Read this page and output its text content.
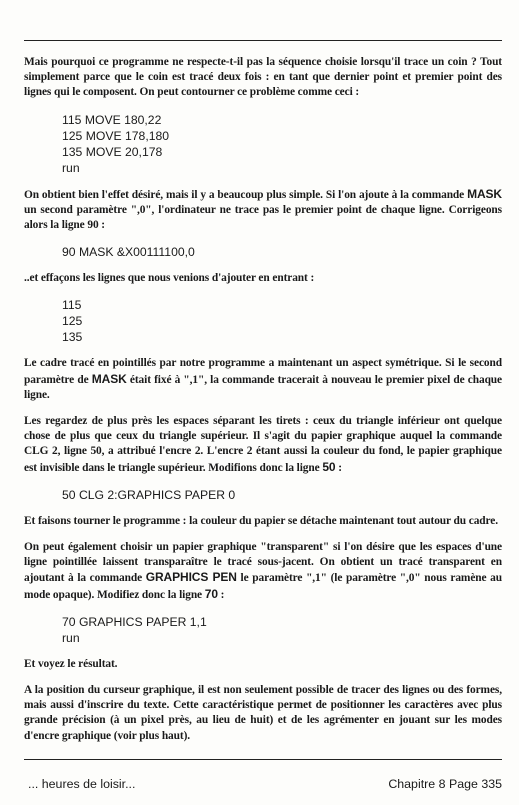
Mais pourquoi ce programme ne respecte-t-il pas la séquence choisie lorsqu'il trace un coin ? Tout simplement parce que le coin est tracé deux fois : en tant que dernier point et premier point des lignes qui le composent. On peut contourner ce problème comme ceci :

115 MOVE 180,22
125 MOVE 178,180
135 MOVE 20,178
run

On obtient bien l'effet désiré, mais il y a beaucoup plus simple. Si l'on ajoute à la commande MASK un second paramètre ",0", l'ordinateur ne trace pas le premier point de chaque ligne. Corrigeons alors la ligne 90 :

90 MASK &X00111100,0

..et effaçons les lignes que nous venions d'ajouter en entrant :

115
125
135

Le cadre tracé en pointillés par notre programme a maintenant un aspect symétrique. Si le second paramètre de MASK était fixé à ",1", la commande tracerait à nouveau le premier pixel de chaque ligne.

Les regardez de plus près les espaces séparant les tirets : ceux du triangle inférieur ont quelque chose de plus que ceux du triangle supérieur. Il s'agit du papier graphique auquel la commande CLG 2, ligne 50, a attribué l'encre 2. L'encre 2 étant aussi la couleur du fond, le papier graphique est invisible dans le triangle supérieur. Modifions donc la ligne 50 :

50 CLG 2:GRAPHICS PAPER 0

Et faisons tourner le programme : la couleur du papier se détache maintenant tout autour du cadre.

On peut également choisir un papier graphique "transparent" si l'on désire que les espaces d'une ligne pointillée laissent transparaître le tracé sous-jacent. On obtient un tracé transparent en ajoutant à la commande GRAPHICS PEN le paramètre ",1" (le paramètre ",0" nous ramène au mode opaque). Modifiez donc la ligne 70 :

70 GRAPHICS PAPER 1,1
run

Et voyez le résultat.

A la position du curseur graphique, il est non seulement possible de tracer des lignes ou des formes, mais aussi d'inscrire du texte. Cette caractéristique permet de positionner les caractères avec plus grande précision (à un pixel près, au lieu de huit) et de les agrémenter en jouant sur les modes d'encre graphique (voir plus haut).

... heures de loisir...	Chapitre 8 Page 335
